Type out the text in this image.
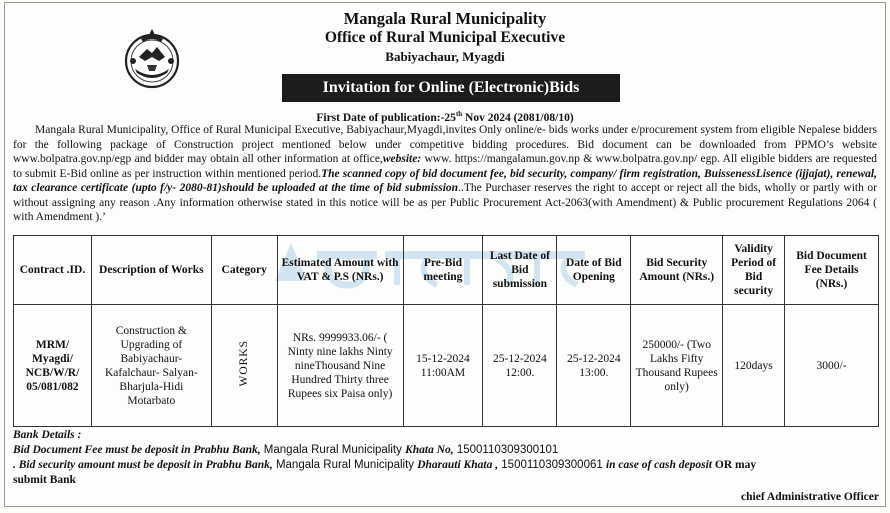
Mangala Rural Municipality
Office of Rural Municipal Executive
Babiyachaur, Myagdi
Invitation for Online (Electronic)Bids
First Date of publication:-25th Nov 2024 (2081/08/10)
Mangala Rural Municipality, Office of Rural Municipal Executive, Babiyachaur,Myagdi,invites Only online/e- bids works under e/procurement system from eligible Nepalese bidders for the following package of Construction project mentioned below under competitive bidding procedures. Bid document can be downloaded from PPMO’s website www.bolpatra.gov.np/egp and bidder may obtain all other information at office,website: www. https://mangalamun.gov.np & www.bolpatra.gov.np/ egp. All eligible bidders are requested to submit E-Bid online as per instruction within mentioned period.The scanned copy of bid document fee, bid security, company/ firm registration, BuissenessLisence (ijjajat), renewal, tax clearance certificate (upto f/y- 2080-81)should be uploaded at the time of bid submission..The Purchaser reserves the right to accept or reject all the bids, wholly or partly with or without assigning any reason .Any information otherwise stated in this notice will be as per Public Procurement Act-2063(with Amendment) & Public procurement Regulations 2064 ( with Amendment ).’
Contract .ID.	Description of Works	Category	Estimated Amount with VAT & P.S (NRs.)	Pre-Bid meeting	Last Date of Bid submission	Date of Bid Opening	Bid Security Amount (NRs.)	Validity Period of Bid security	Bid Document Fee Details (NRs.)
MRM/ Myagdi/ NCB/W/R/ 05/081/082	Construction & Upgrading of Babiyachaur-Kafalchaur- Salyan-Bharjula-Hidi Motarbato	WORKS	NRs. 9999933.06/- ( Ninty nine lakhs Ninty nineThousand Nine Hundred Thirty three Rupees six Paisa only)	15-12-2024 11:00AM	25-12-2024 12:00.	25-12-2024 13:00.	250000/- (Two Lakhs Fifty Thousand Rupees only)	120days	3000/-
Bank Details :
Bid Document Fee must be deposit in Prabhu Bank, Mangala Rural Municipality Khata No, 1500110309300101
. Bid security amount must be deposit in Prabhu Bank, Mangala Rural Municipality Dharauti Khata , 1500110309300061 in case of cash deposit OR may
submit Bank
chief Administrative Officer
